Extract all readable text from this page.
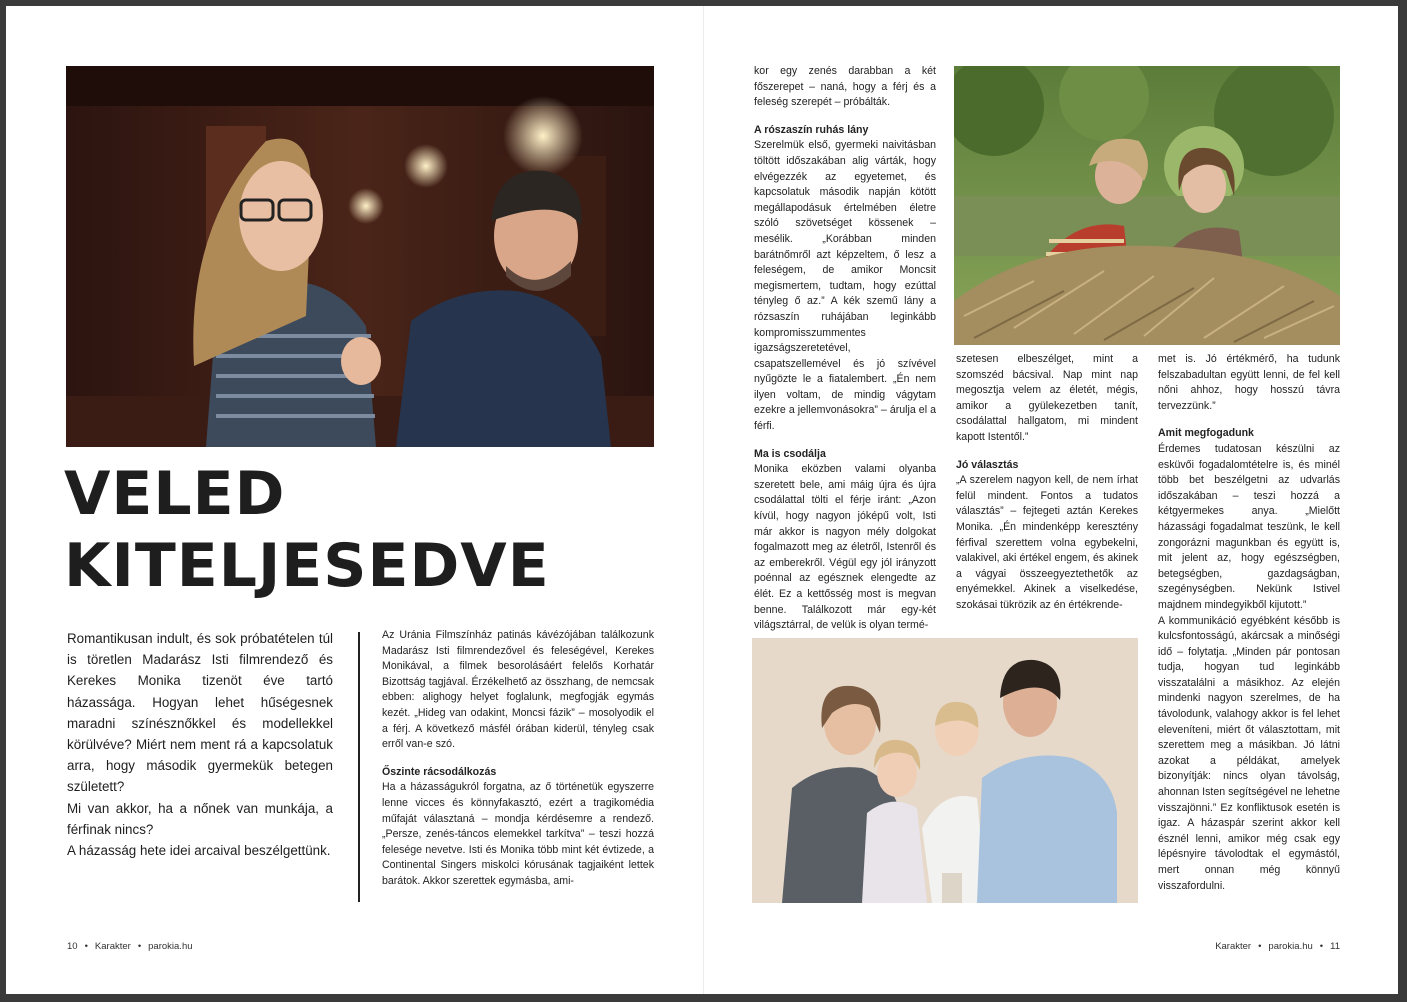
VELED
KITELJESEDVE

Romantikusan indult, és sok próbatételen túl is töretlen Madarász Isti filmrendező és Kerekes Monika tizenöt éve tartó házassága. Hogyan lehet hűségesnek maradni színésznőkkel és modellekkel körülvéve? Miért nem ment rá a kapcsolatuk arra, hogy második gyermekük betegen született?

Mi van akkor, ha a nőnek van munkája, a férfinak nincs?

A házasság hete idei arcaival beszélgettünk.

Az Uránia Filmszínház patinás kávézójában találkozunk Madarász Isti filmrendezővel és feleségével, Kerekes Monikával, a filmek besorolásáért felelős Korhatár Bizottság tagjával. Érzékelhető az összhang, de nemcsak ebben: alighogy helyet foglalunk, megfogják egymás kezét. „Hideg van odakint, Moncsi fázik” – mosolyodik el a férj. A következő másfél órában kiderül, tényleg csak erről van-e szó.

Őszinte rácsodálkozás

Ha a házasságukról forgatna, az ő történetük egyszerre lenne vicces és könnyfakasztó, ezért a tragikomédia műfaját választaná – mondja kérdésemre a rendező. „Persze, zenés-táncos elemekkel tarkítva” – teszi hozzá felesége nevetve. Isti és Monika több mint két évtizede, a Continental Singers miskolci kórusának tagjaiként lettek barátok. Akkor szerettek egymásba, ami-

kor egy zenés darabban a két főszerepet – naná, hogy a férj és a feleség szerepét – próbálták.

A rószaszín ruhás lány

Szerelmük első, gyermeki naivitásban töltött időszakában alig várták, hogy elvégezzék az egyetemet, és kapcsolatuk második napján kötött megállapodásuk értelmében életre szóló szövetséget kössenek – mesélik. „Korábban minden barátnőmről azt képzeltem, ő lesz a feleségem, de amikor Moncsit megismertem, tudtam, hogy ezúttal tényleg ő az.” A kék szemű lány a rózsaszín ruhájában leginkább kompromisszummentes igazságszeretetével, csapatszellemével és jó szívével nyűgözte le a fiatalembert. „Én nem ilyen voltam, de mindig vágytam ezekre a jellemvonásokra” – árulja el a férfi.

Ma is csodálja

Monika eközben valami olyanba szeretett bele, ami máig újra és újra csodálattal tölti el férje iránt: „Azon kívül, hogy nagyon jóképű volt, Isti már akkor is nagyon mély dolgokat fogalmazott meg az életről, Istenről és az emberekről. Végül egy jól irányzott poénnal az egésznek elengedte az élét. Ez a kettősség most is megvan benne. Találkozott már egy-két világsztárral, de velük is olyan termé-

szetesen elbeszélget, mint a szomszéd bácsival. Nap mint nap megosztja velem az életét, mégis, amikor a gyülekezetben tanít, csodálattal hallgatom, mi mindent kapott Istentől.”

Jó választás

„A szerelem nagyon kell, de nem írhat felül mindent. Fontos a tudatos választás” – fejtegeti aztán Kerekes Monika. „Én mindenképp keresztény férfival szerettem volna egybekelni, valakivel, aki értékel engem, és akinek a vágyai összeegyeztethetők az enyémekkel. Akinek a viselkedése, szokásai tükrözik az én értékrende-

met is. Jó értékmérő, ha tudunk felszabadultan együtt lenni, de fel kell nőni ahhoz, hogy hosszú távra tervezzünk.”

Amit megfogadunk

Érdemes tudatosan készülni az esküvői fogadalomtételre is, és minél több bet beszélgetni az udvarlás időszakában – teszi hozzá a kétgyermekes anya. „Mielőtt házassági fogadalmat teszünk, le kell zongorázni magunkban és együtt is, mit jelent az, hogy egészségben, betegségben, gazdagságban, szegénységben. Nekünk Istivel majdnem mindegyikből kijutott.”

A kommunikáció egyébként később is kulcsfontosságú, akárcsak a minőségi idő – folytatja. „Minden pár pontosan tudja, hogyan tud leginkább visszatalálni a másikhoz. Az elején mindenki nagyon szerelmes, de ha távolodunk, valahogy akkor is fel lehet eleveníteni, miért őt választottam, mit szerettem meg a másikban. Jó látni azokat a példákat, amelyek bizonyítják: nincs olyan távolság, ahonnan Isten segítségével ne lehetne visszajönni.” Ez konfliktusok esetén is igaz. A házaspár szerint akkor kell észnél lenni, amikor még csak egy lépésnyire távolodtak el egymástól, mert onnan még könnyű visszafordulni.

10 • Karakter • parokia.hu	Karakter • parokia.hu • 11
